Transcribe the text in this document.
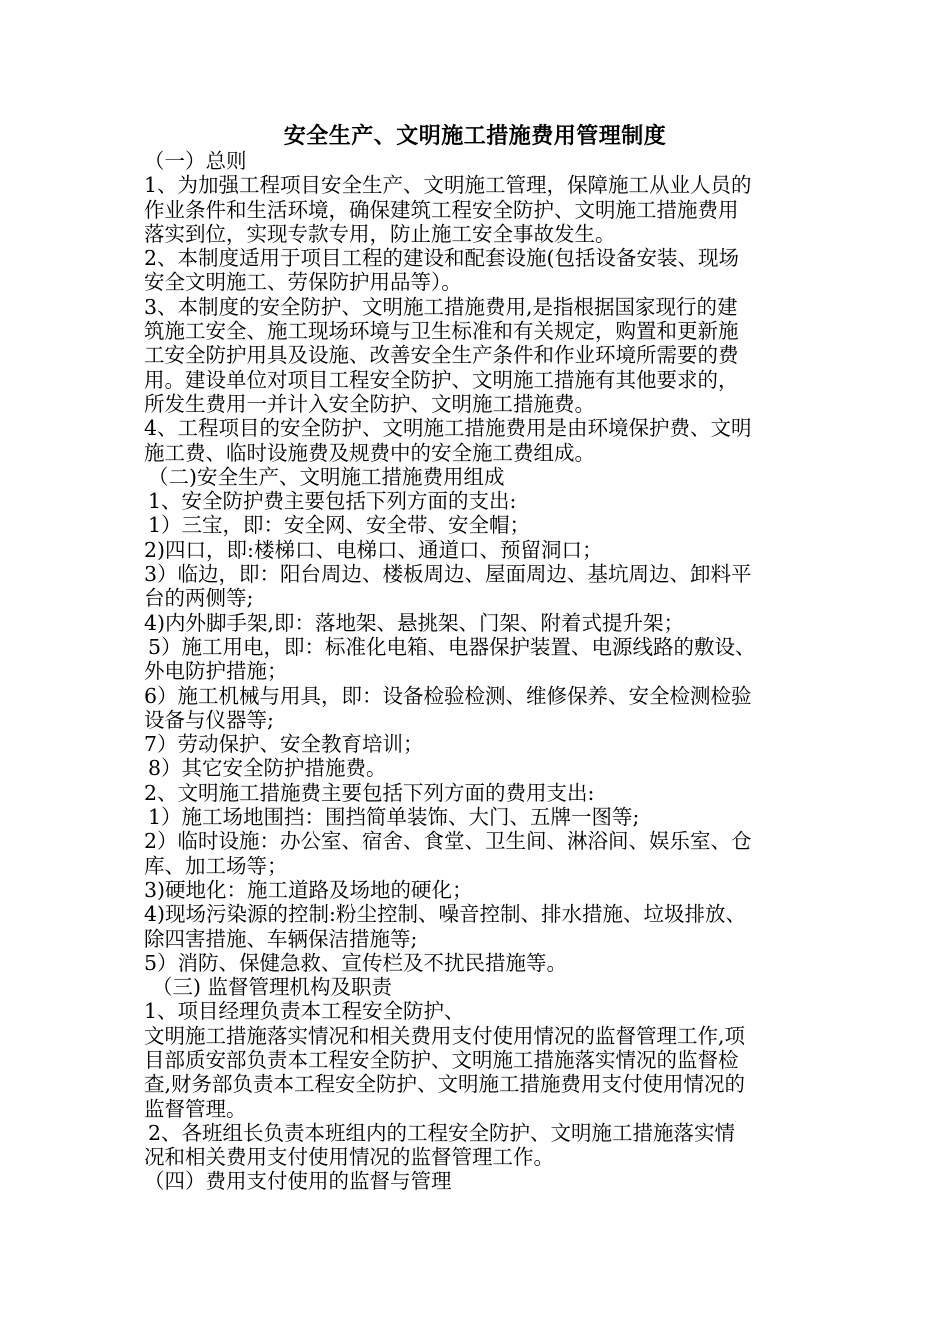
安全生产、文明施工措施费用管理制度

（一）总则

1、为加强工程项目安全生产、文明施工管理，保障施工从业人员的

作业条件和生活环境，确保建筑工程安全防护、文明施工措施费用

落实到位，实现专款专用，防止施工安全事故发生。

2、本制度适用于项目工程的建设和配套设施(包括设备安装、现场

安全文明施工、劳保防护用品等）。

3、本制度的安全防护、文明施工措施费用,是指根据国家现行的建

筑施工安全、施工现场环境与卫生标准和有关规定，购置和更新施

工安全防护用具及设施、改善安全生产条件和作业环境所需要的费

用。建设单位对项目工程安全防护、文明施工措施有其他要求的，

所发生费用一并计入安全防护、文明施工措施费。

4、工程项目的安全防护、文明施工措施费用是由环境保护费、文明

施工费、临时设施费及规费中的安全施工费组成。

（二)安全生产、文明施工措施费用组成

1、安全防护费主要包括下列方面的支出:

1）三宝，即：安全网、安全带、安全帽；

2)四口，即:楼梯口、电梯口、通道口、预留洞口；

3）临边，即：阳台周边、楼板周边、屋面周边、基坑周边、卸料平

台的两侧等;

4)内外脚手架,即：落地架、悬挑架、门架、附着式提升架；

5）施工用电，即：标准化电箱、电器保护装置、电源线路的敷设、

外电防护措施；

6）施工机械与用具，即：设备检验检测、维修保养、安全检测检验

设备与仪器等;

7）劳动保护、安全教育培训；

8）其它安全防护措施费。

2、文明施工措施费主要包括下列方面的费用支出:

1）施工场地围挡：围挡简单装饰、大门、五牌一图等;

2）临时设施：办公室、宿舍、食堂、卫生间、淋浴间、娱乐室、仓

库、加工场等；

3)硬地化：施工道路及场地的硬化；

4)现场污染源的控制:粉尘控制、噪音控制、排水措施、垃圾排放、

除四害措施、车辆保洁措施等;

5）消防、保健急救、宣传栏及不扰民措施等。

（三) 监督管理机构及职责

1、项目经理负责本工程安全防护、

文明施工措施落实情况和相关费用支付使用情况的监督管理工作,项

目部质安部负责本工程安全防护、文明施工措施落实情况的监督检

查,财务部负责本工程安全防护、文明施工措施费用支付使用情况的

监督管理。

2、各班组长负责本班组内的工程安全防护、文明施工措施落实情

况和相关费用支付使用情况的监督管理工作。

（四）费用支付使用的监督与管理
